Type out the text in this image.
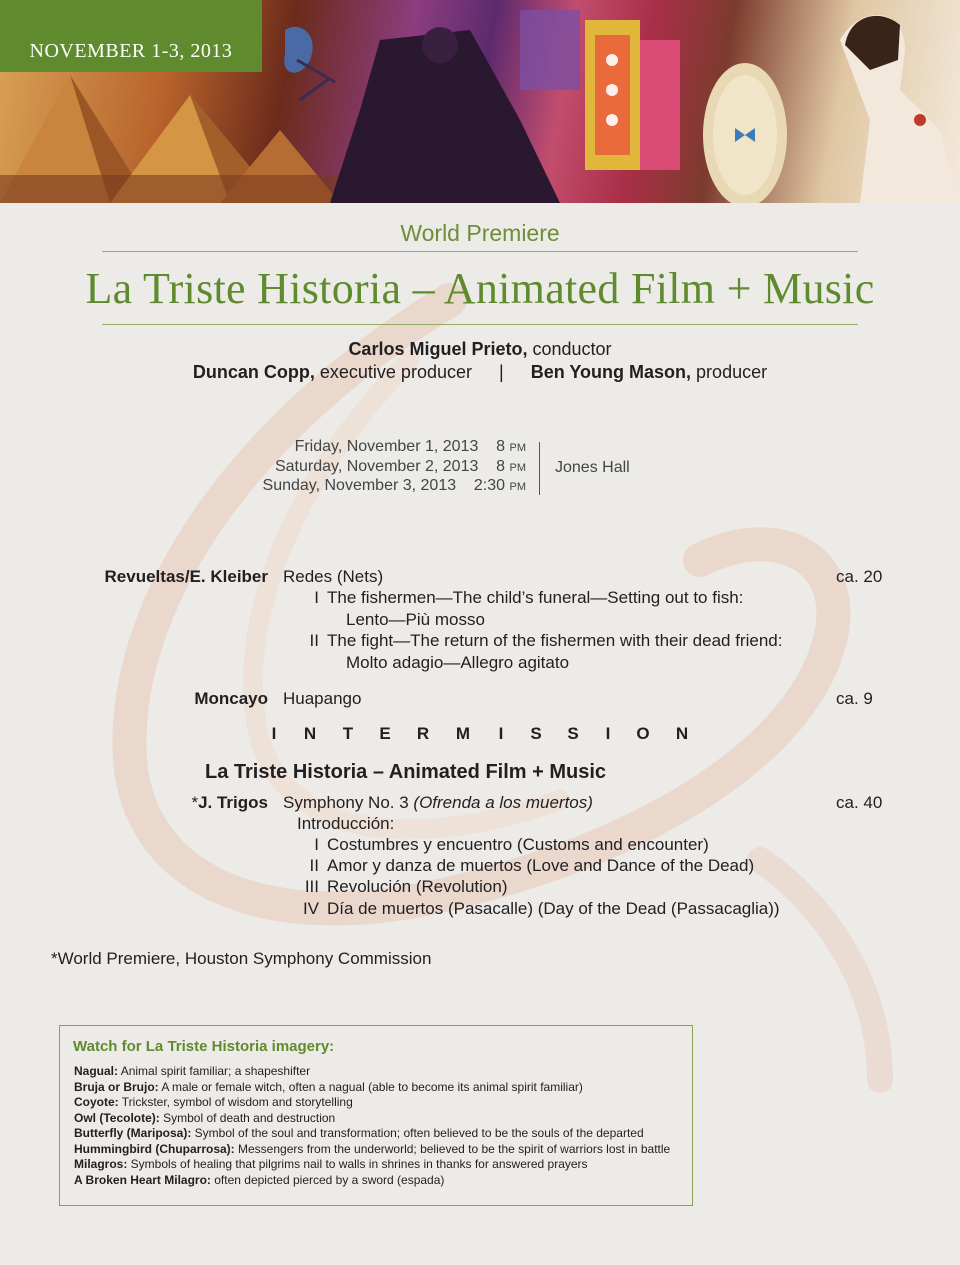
NOVEMBER 1-3, 2013
World Premiere
La Triste Historia – Animated Film + Music
Carlos Miguel Prieto, conductor
Duncan Copp, executive producer | Ben Young Mason, producer
Friday, November 1, 2013 8 PM
Saturday, November 2, 2013 8 PM
Sunday, November 3, 2013 2:30 PM
Jones Hall
Revueltas/E. Kleiber Redes (Nets)	ca. 20
I The fishermen—The child’s funeral—Setting out to fish:
Lento—Più mosso
II The fight—The return of the fishermen with their dead friend:
Molto adagio—Allegro agitato
Moncayo Huapango	ca. 9
I	N T E R M	I	S S	I	O N
La Triste Historia – Animated Film + Music
*J. Trigos Symphony No. 3 (Ofrenda a los muertos)	ca. 40
Introducción:
I Costumbres y encuentro (Customs and encounter)
II Amor y danza de muertos (Love and Dance of the Dead)
III Revolución (Revolution)
IV Día de muertos (Pasacalle) (Day of the Dead (Passacaglia))
*World Premiere, Houston Symphony Commission
Watch for La Triste Historia imagery:
Nagual: Animal spirit familiar; a shapeshifter
Bruja or Brujo: A male or female witch, often a nagual (able to become its animal spirit familiar)
Coyote: Trickster, symbol of wisdom and storytelling
Owl (Tecolote): Symbol of death and destruction
Butterfly (Mariposa): Symbol of the soul and transformation; often believed to be the souls of the departed
Hummingbird (Chuparrosa): Messengers from the underworld; believed to be the spirit of warriors lost in battle
Milagros: Symbols of healing that pilgrims nail to walls in shrines in thanks for answered prayers
A Broken Heart Milagro: often depicted pierced by a sword (espada)
